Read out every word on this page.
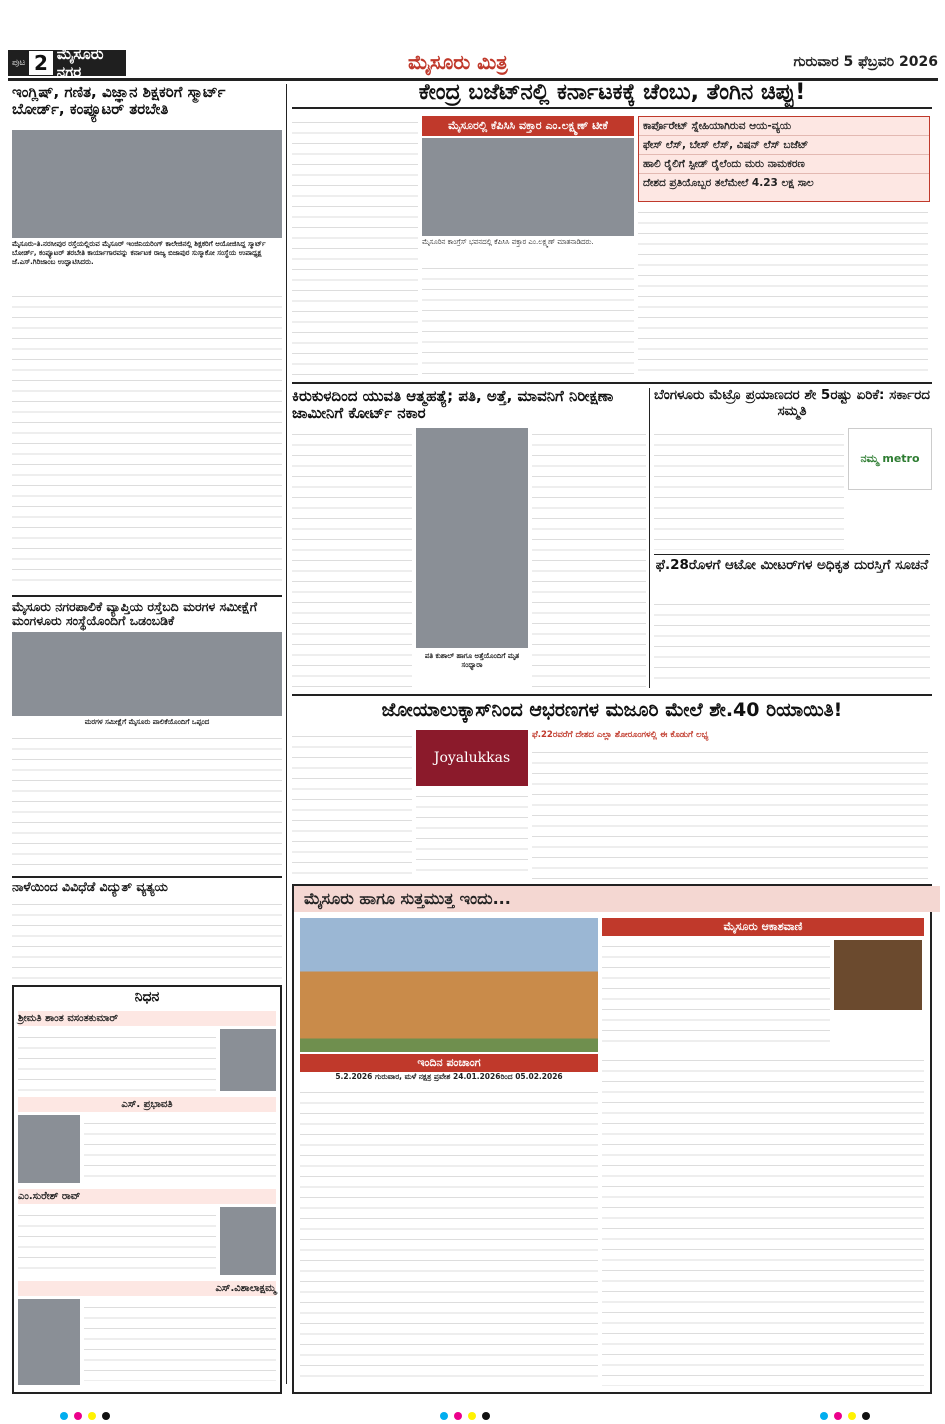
ಪುಟ 2 ಮೈಸೂರು ನಗರ	ಮೈಸೂರು ಮಿತ್ರ	ಗುರುವಾರ 5 ಫೆಬ್ರವರಿ 2026
ಇಂಗ್ಲಿಷ್, ಗಣಿತ, ವಿಜ್ಞಾನ ಶಿಕ್ಷಕರಿಗೆ ಸ್ಮಾರ್ಟ್ ಬೋರ್ಡ್, ಕಂಪ್ಯೂಟರ್ ತರಬೇತಿ
ಮೈಸೂರು-ತಿ.ನರಸೀಪುರ ರಸ್ತೆಯಲ್ಲಿರುವ ಮೈಸೂರ್ ಇಂಜಿನಿಯರಿಂಗ್ ಕಾಲೇಜಿನಲ್ಲಿ ಶಿಕ್ಷಕರಿಗೆ ಆಯೋಜಿಸಿದ್ದ ಸ್ಮಾರ್ಟ್ ಬೋರ್ಡ್, ಕಂಪ್ಯೂಟರ್ ತರಬೇತಿ ಕಾರ್ಯಾಗಾರವನ್ನು ಕರ್ನಾಟಕ ರಾಜ್ಯ ಬಿಜಾಪುರ ಸುಸ್ಮಾಕೋ ಸಂಸ್ಥೆಯ ಉಪಾಧ್ಯಕ್ಷ ಜೆ.ಎಸ್.ಗಿರಿಜಾಂಬ ಉದ್ಘಾಟಿಸಿದರು.
ಮೈಸೂರು ನಗರಪಾಲಿಕೆ ವ್ಯಾಪ್ತಿಯ ರಸ್ತೆಬದಿ ಮರಗಳ ಸಮೀಕ್ಷೆಗೆ ಮಂಗಳೂರು ಸಂಸ್ಥೆಯೊಂದಿಗೆ ಒಡಂಬಡಿಕೆ
ಮರಗಳ ಸಮೀಕ್ಷೆಗೆ ಮೈಸೂರು ಪಾಲಿಕೆಯೊಂದಿಗೆ ಒಪ್ಪಂದ
ನಾಳೆಯಿಂದ ವಿವಿಧೆಡೆ ವಿದ್ಯುತ್ ವ್ಯತ್ಯಯ
ನಿಧನ
ಶ್ರೀಮತಿ ಶಾಂತ ವಸಂತಕುಮಾರ್
ಎಸ್. ಪ್ರಭಾವತಿ
ಎಂ.ಸುರೇಶ್ ರಾವ್
ಎಸ್.ವಿಶಾಲಾಕ್ಷಮ್ಮ
ಕೇಂದ್ರ ಬಜೆಟ್‌ನಲ್ಲಿ ಕರ್ನಾಟಕಕ್ಕೆ ಚೆಂಬು, ತೆಂಗಿನ ಚಿಪ್ಪು!
ಮೈಸೂರಲ್ಲಿ ಕೆಪಿಸಿಸಿ ವಕ್ತಾರ ಎಂ.ಲಕ್ಷ್ಮಣ್ ಟೀಕೆ
ಮೈಸೂರಿನ ಕಾಂಗ್ರೆಸ್ ಭವನದಲ್ಲಿ ಕೆಪಿಸಿಸಿ ವಕ್ತಾರ ಎಂ.ಲಕ್ಷ್ಮಣ್ ಮಾತನಾಡಿದರು.
ಕಾರ್ಪೊರೇಟ್ ಸ್ನೇಹಿಯಾಗಿರುವ ಆಯ-ವ್ಯಯ
ಫೇಸ್ ಲೆಸ್, ಬೇಸ್ ಲೆಸ್, ವಿಷನ್ ಲೆಸ್ ಬಜೆಟ್
ಹಾಲಿ ರೈಲಿಗೆ ಸ್ಪೀಡ್ ರೈಲೆಂದು ಮರು ನಾಮಕರಣ
ದೇಶದ ಪ್ರತಿಯೊಬ್ಬರ ತಲೆಮೇಲೆ 4.23 ಲಕ್ಷ ಸಾಲ
ಕಿರುಕುಳದಿಂದ ಯುವತಿ ಆತ್ಮಹತ್ಯೆ; ಪತಿ, ಅತ್ತೆ, ಮಾವನಿಗೆ ನಿರೀಕ್ಷಣಾ ಜಾಮೀನಿಗೆ ಕೋರ್ಟ್ ನಕಾರ
ಪತಿ ಕುಶಾಲ್ ಹಾಗೂ ಅತ್ತೆಯೊಂದಿಗೆ ಮೃತ ಸಂಧ್ಯಾರಾ
ಬೆಂಗಳೂರು ಮೆಟ್ರೊ ಪ್ರಯಾಣದರ ಶೇ 5ರಷ್ಟು ಏರಿಕೆ: ಸರ್ಕಾರದ ಸಮ್ಮತಿ
ನಮ್ಮ metro
ಫೆ.28ರೊಳಗೆ ಆಟೋ ಮೀಟರ್‌ಗಳ ಅಧಿಕೃತ ದುರಸ್ತಿಗೆ ಸೂಚನೆ
ಜೋಯಾಲುಕ್ಕಾಸ್‌ನಿಂದ ಆಭರಣಗಳ ಮಜೂರಿ ಮೇಲೆ ಶೇ.40 ರಿಯಾಯಿತಿ!
Joyalukkas
ಫೆ.22ರವರೆಗೆ ದೇಶದ ಎಲ್ಲಾ ಶೋರೂಂಗಳಲ್ಲಿ ಈ ಕೊಡುಗೆ ಲಭ್ಯ
ಮೈಸೂರು ಹಾಗೂ ಸುತ್ತಮುತ್ತ ಇಂದು...
ಇಂದಿನ ಪಂಚಾಂಗ
5.2.2026 ಗುರುವಾರ, ಮಳೆ ನಕ್ಷತ್ರ ಪ್ರವೇಶ 24.01.2026ರಿಂದ 05.02.2026
ಮೈಸೂರು ಆಕಾಶವಾಣಿ
